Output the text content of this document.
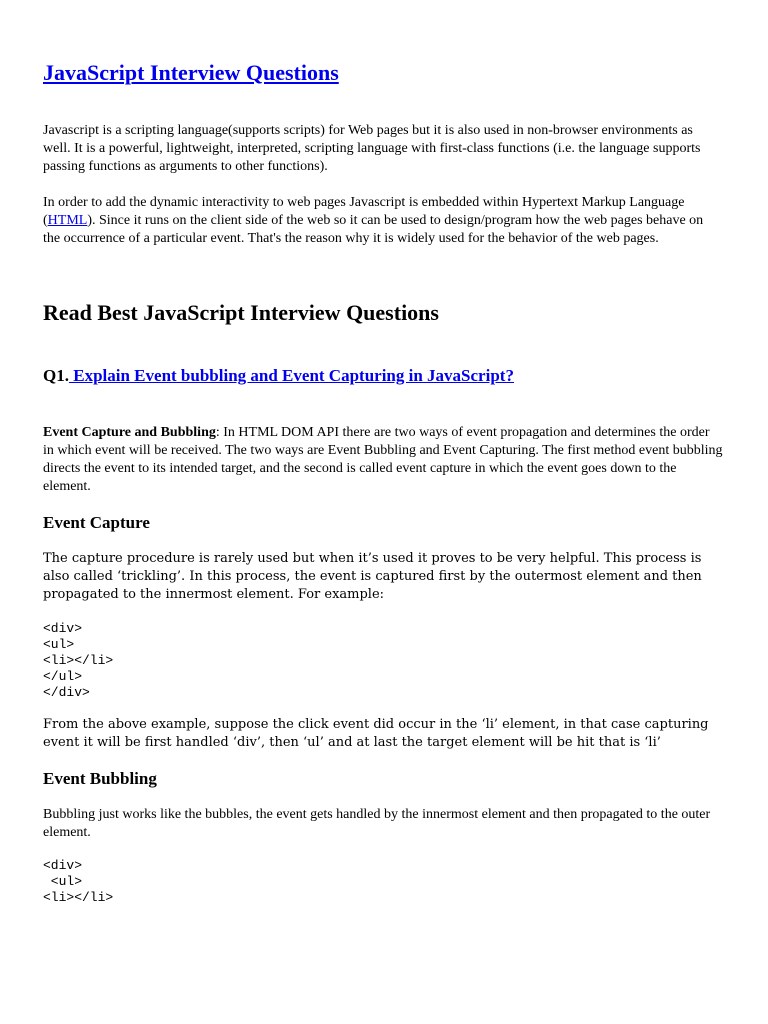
JavaScript Interview Questions

Javascript is a scripting language(supports scripts) for Web pages but it is also used in non-browser environments as well. It is a powerful, lightweight, interpreted, scripting language with first-class functions (i.e. the language supports passing functions as arguments to other functions).

In order to add the dynamic interactivity to web pages Javascript is embedded within Hypertext Markup Language (HTML). Since it runs on the client side of the web so it can be used to design/program how the web pages behave on the occurrence of a particular event. That's the reason why it is widely used for the behavior of the web pages.

Read Best JavaScript Interview Questions
Q1. Explain Event bubbling and Event Capturing in JavaScript?

Event Capture and Bubbling: In HTML DOM API there are two ways of event propagation and determines the order in which event will be received. The two ways are Event Bubbling and Event Capturing. The first method event bubbling directs the event to its intended target, and the second is called event capture in which the event goes down to the element.

Event Capture

The capture procedure is rarely used but when it’s used it proves to be very helpful. This process is also called ‘trickling’. In this process, the event is captured first by the outermost element and then propagated to the innermost element. For example:

<div>
<ul>
<li></li>
</ul>
</div>

From the above example, suppose the click event did occur in the ‘li’ element, in that case capturing event it will be first handled ‘div’, then ‘ul’ and at last the target element will be hit that is ‘li’

Event Bubbling

Bubbling just works like the bubbles, the event gets handled by the innermost element and then propagated to the outer element.

<div>
<ul>
<li></li>
